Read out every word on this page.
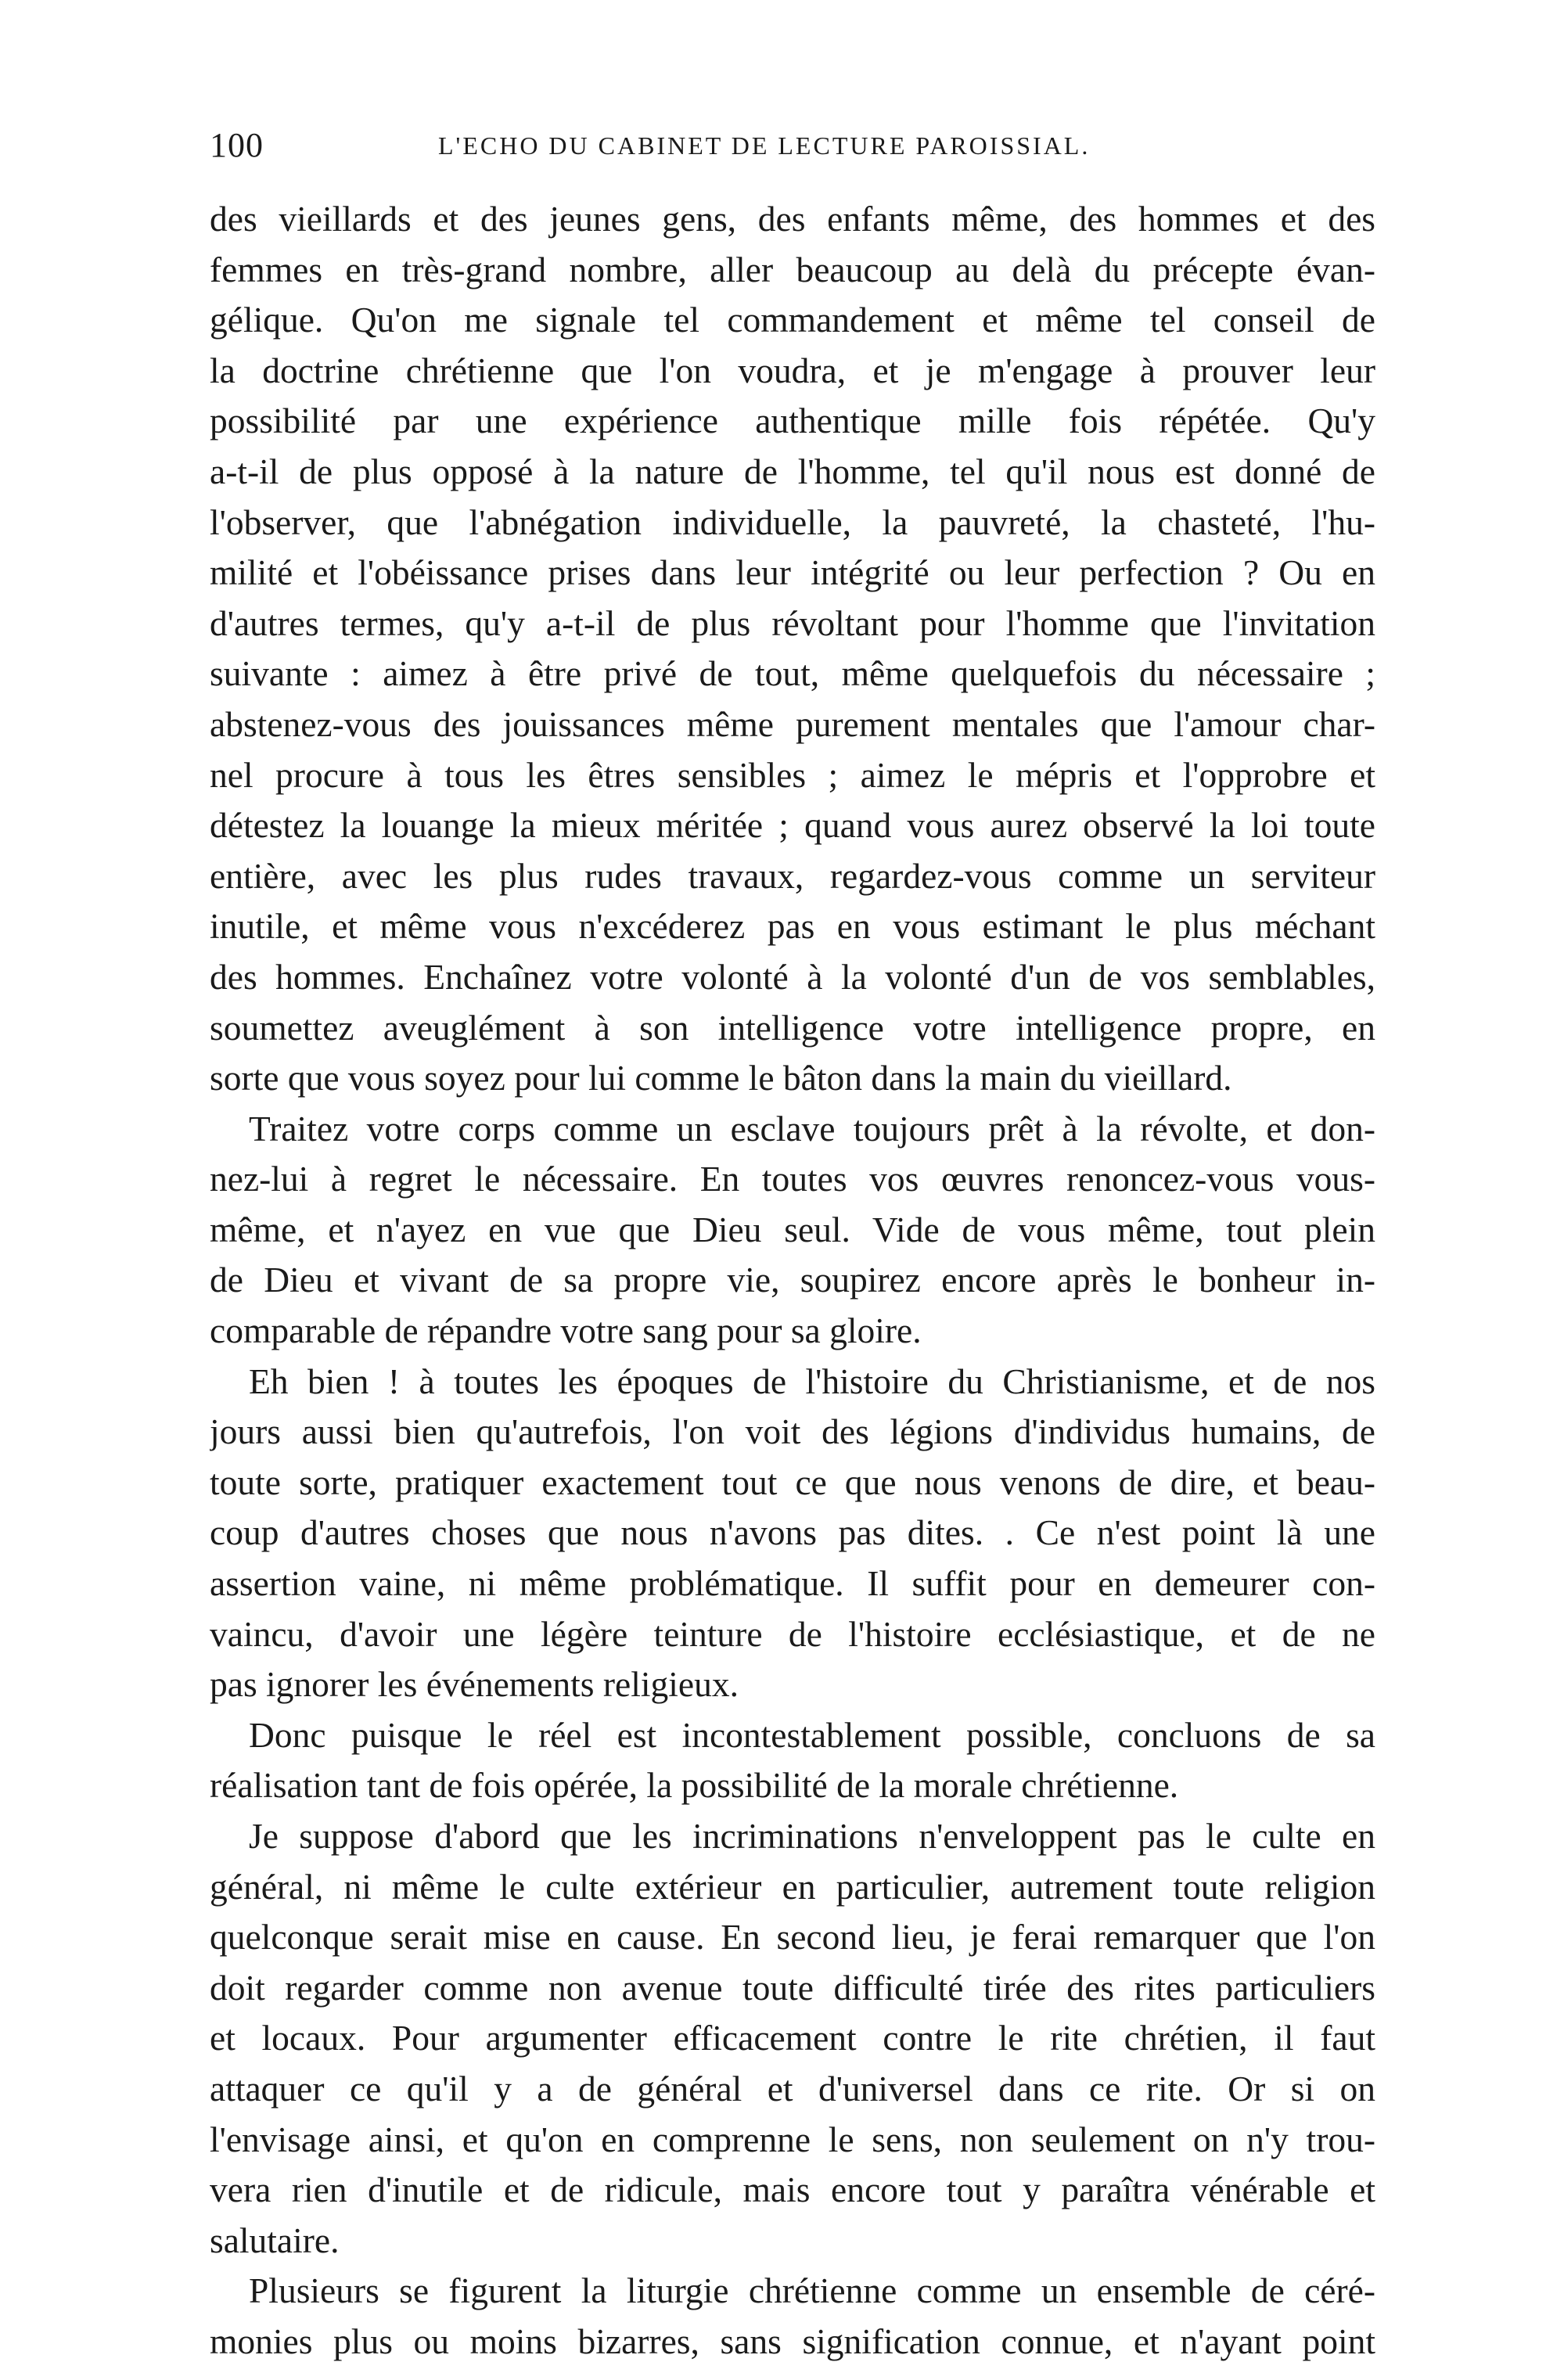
100	L'ECHO DU CABINET DE LECTURE PAROISSIAL.
des vieillards et des jeunes gens, des enfants même, des hommes et des
femmes en très-grand nombre, aller beaucoup au delà du précepte évan-
gélique. Qu'on me signale tel commandement et même tel conseil de
la doctrine chrétienne que l'on voudra, et je m'engage à prouver leur
possibilité par une expérience authentique mille fois répétée. Qu'y
a-t-il de plus opposé à la nature de l'homme, tel qu'il nous est donné de
l'observer, que l'abnégation individuelle, la pauvreté, la chasteté, l'hu-
milité et l'obéissance prises dans leur intégrité ou leur perfection ? Ou en
d'autres termes, qu'y a-t-il de plus révoltant pour l'homme que l'invitation
suivante : aimez à être privé de tout, même quelquefois du nécessaire ;
abstenez-vous des jouissances même purement mentales que l'amour char-
nel procure à tous les êtres sensibles ; aimez le mépris et l'opprobre et
détestez la louange la mieux méritée ; quand vous aurez observé la loi toute
entière, avec les plus rudes travaux, regardez-vous comme un serviteur
inutile, et même vous n'excéderez pas en vous estimant le plus méchant
des hommes. Enchaînez votre volonté à la volonté d'un de vos semblables,
soumettez aveuglément à son intelligence votre intelligence propre, en
sorte que vous soyez pour lui comme le bâton dans la main du vieillard.
Traitez votre corps comme un esclave toujours prêt à la révolte, et don-
nez-lui à regret le nécessaire. En toutes vos œuvres renoncez-vous vous-
même, et n'ayez en vue que Dieu seul. Vide de vous même, tout plein
de Dieu et vivant de sa propre vie, soupirez encore après le bonheur in-
comparable de répandre votre sang pour sa gloire.
Eh bien ! à toutes les époques de l'histoire du Christianisme, et de nos
jours aussi bien qu'autrefois, l'on voit des légions d'individus humains, de
toute sorte, pratiquer exactement tout ce que nous venons de dire, et beau-
coup d'autres choses que nous n'avons pas dites. . Ce n'est point là une
assertion vaine, ni même problématique. Il suffit pour en demeurer con-
vaincu, d'avoir une légère teinture de l'histoire ecclésiastique, et de ne
pas ignorer les événements religieux.
Donc puisque le réel est incontestablement possible, concluons de sa
réalisation tant de fois opérée, la possibilité de la morale chrétienne.
Je suppose d'abord que les incriminations n'enveloppent pas le culte en
général, ni même le culte extérieur en particulier, autrement toute religion
quelconque serait mise en cause. En second lieu, je ferai remarquer que l'on
doit regarder comme non avenue toute difficulté tirée des rites particuliers
et locaux. Pour argumenter efficacement contre le rite chrétien, il faut
attaquer ce qu'il y a de général et d'universel dans ce rite. Or si on
l'envisage ainsi, et qu'on en comprenne le sens, non seulement on n'y trou-
vera rien d'inutile et de ridicule, mais encore tout y paraîtra vénérable et
salutaire.
Plusieurs se figurent la liturgie chrétienne comme un ensemble de céré-
monies plus ou moins bizarres, sans signification connue, et n'ayant point
